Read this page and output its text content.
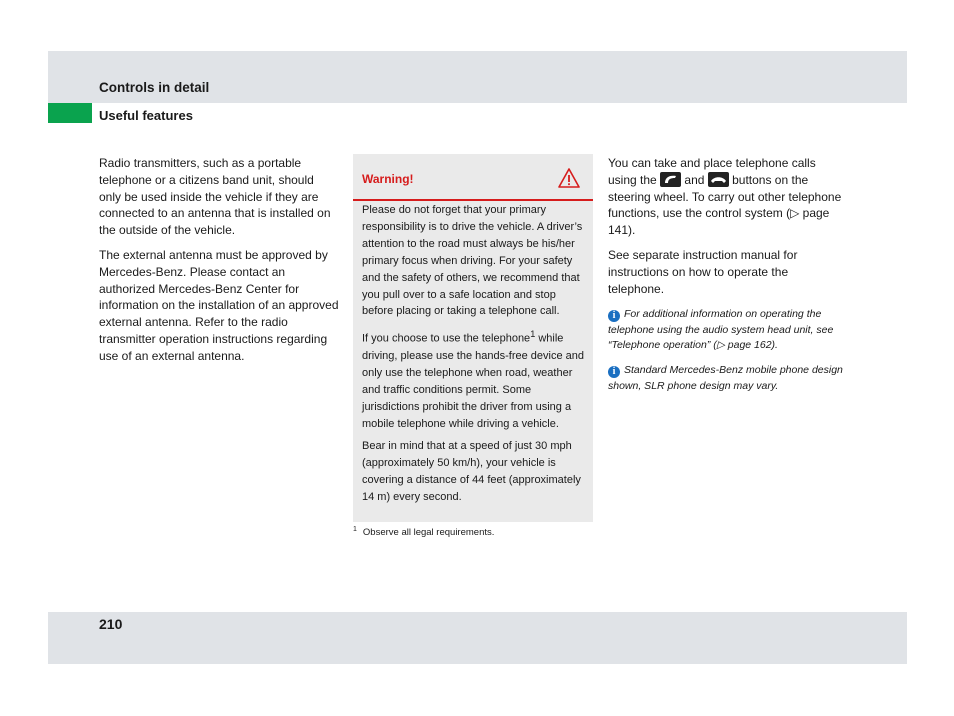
Controls in detail
Useful features

Radio transmitters, such as a portable telephone or a citizens band unit, should only be used inside the vehicle if they are connected to an antenna that is installed on the outside of the vehicle.

The external antenna must be approved by Mercedes-Benz. Please contact an authorized Mercedes-Benz Center for information on the installation of an approved external antenna. Refer to the radio transmitter operation instructions regarding use of an external antenna.

Warning!

Please do not forget that your primary responsibility is to drive the vehicle. A driver’s attention to the road must always be his/her primary focus when driving. For your safety and the safety of others, we recommend that you pull over to a safe location and stop before placing or taking a telephone call.

If you choose to use the telephone$^1$ while driving, please use the hands-free device and only use the telephone when road, weather and traffic conditions permit. Some jurisdictions prohibit the driver from using a mobile telephone while driving a vehicle.

Bear in mind that at a speed of just 30 mph (approximately 50 km/h), your vehicle is covering a distance of 44 feet (approximately 14 m) every second.

$^1$ Observe all legal requirements.

You can take and place telephone calls using the and buttons on the steering wheel. To carry out other telephone functions, use the control system (▷ page 141).

See separate instruction manual for instructions on how to operate the telephone.

i For additional information on operating the telephone using the audio system head unit, see “Telephone operation” (▷ page 162).
i Standard Mercedes-Benz mobile phone design shown, SLR phone design may vary.
210
